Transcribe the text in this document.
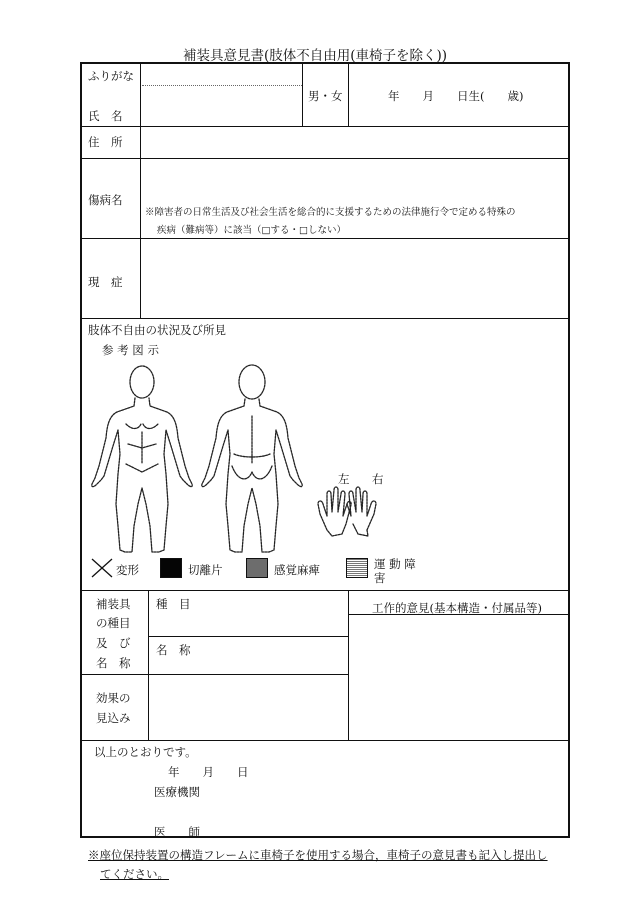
補装具意見書(肢体不自由用(車椅子を除く))
ふりがな
氏　名
男・女	年　　月　　日生(　　歳)
住　所
傷病名
※障害者の日常生活及び社会生活を総合的に支援するための法律施行令で定める特殊の
疾病（難病等）に該当（□する・□しない）
現　症
肢体不自由の状況及び所見
参 考 図 示
左 右
変形	切離片	感覚麻痺	運 動 障
害
補装具
の種目
及　び
名　称
種　目
名　称
工作的意見(基本構造・付属品等)
効果の
見込み
以上のとおりです。
年　　月　　日
医療機関
医　　師
※座位保持装置の構造フレームに車椅子を使用する場合，車椅子の意見書も記入し提出し
てください。
